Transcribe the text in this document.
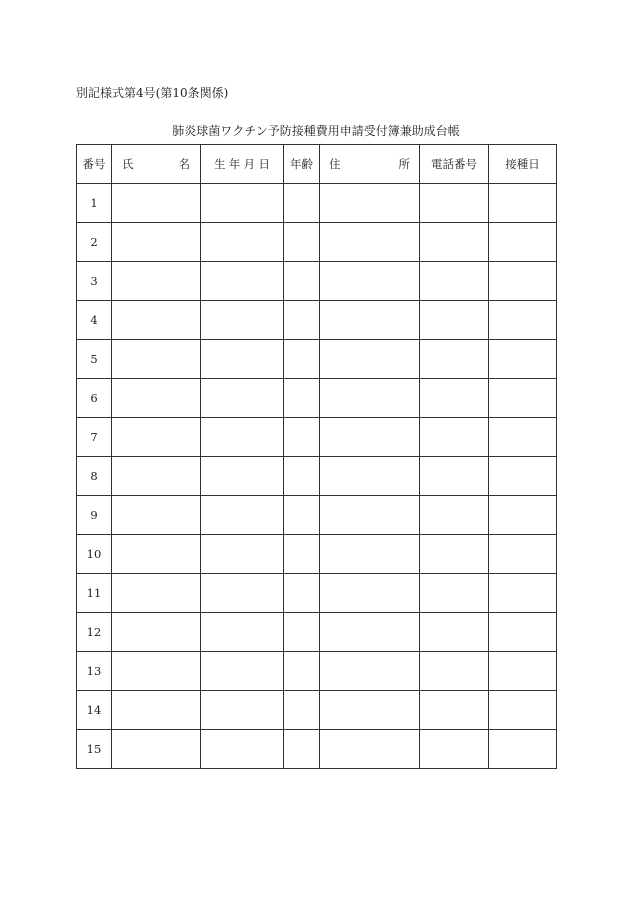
別記様式第4号(第10条関係)
肺炎球菌ワクチン予防接種費用申請受付簿兼助成台帳
番号	氏 名	生 年 月 日	年齢	住 所	電話番号	接種日
1						
2						
3						
4						
5						
6						
7						
8						
9						
10						
11						
12						
13						
14						
15						
